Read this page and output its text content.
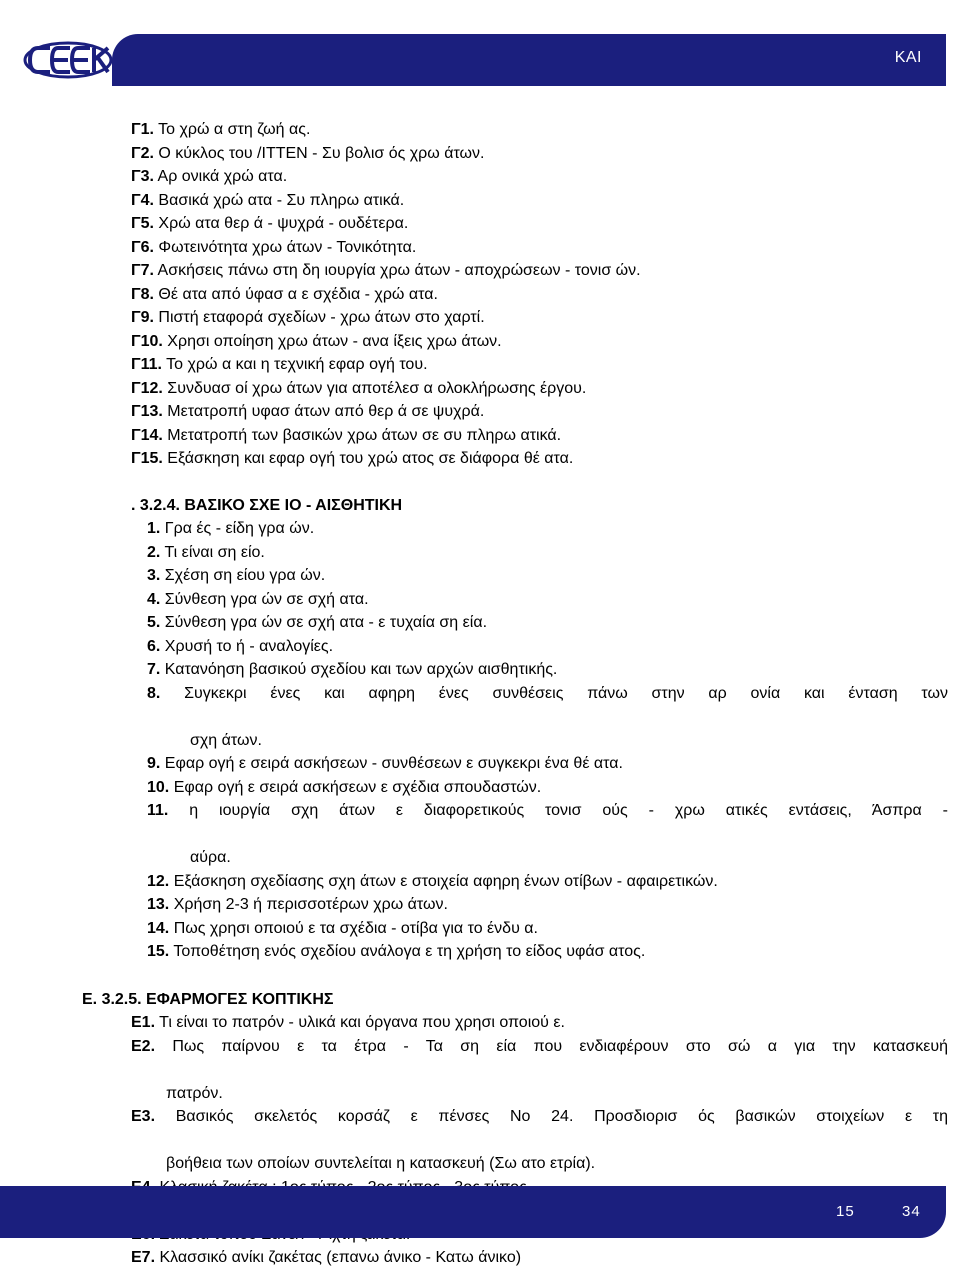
ΚΑΙ
Γ1. Το χρώ α στη ζωή ας.
Γ2. Ο κύκλος του /ΙΤΤΕΝ - Συ βολισ ός χρω άτων.
Γ3. Αρ ονικά χρώ ατα.
Γ4. Βασικά χρώ ατα - Συ πληρω ατικά.
Γ5. Χρώ ατα θερ ά - ψυχρά - ουδέτερα.
Γ6. Φωτεινότητα χρω άτων - Τονικότητα.
Γ7. Ασκήσεις πάνω στη δη ιουργία χρω άτων - αποχρώσεων - τονισ ών.
Γ8. Θέ ατα από ύφασ α ε σχέδια - χρώ ατα.
Γ9. Πιστή εταφορά σχεδίων - χρω άτων στο χαρτί.
Γ10. Χρησι οποίηση χρω άτων - ανα ίξεις χρω άτων.
Γ11. Το χρώ α και η τεχνική εφαρ ογή του.
Γ12. Συνδυασ οί χρω άτων για αποτέλεσ α ολοκλήρωσης έργου.
Γ13. Μετατροπή υφασ άτων από θερ ά σε ψυχρά.
Γ14. Μετατροπή των βασικών χρω άτων σε συ πληρω ατικά.
Γ15. Εξάσκηση και εφαρ ογή του χρώ ατος σε διάφορα θέ ατα.
. 3.2.4. ΒΑΣΙΚΟ ΣΧΕ ΙΟ - ΑΙΣΘΗΤΙΚΗ
1. Γρα ές - είδη γρα ών.
2. Τι είναι ση είο.
3. Σχέση ση είου γρα ών.
4. Σύνθεση γρα ών σε σχή ατα.
5. Σύνθεση γρα ών σε σχή ατα - ε τυχαία ση εία.
6. Χρυσή το ή - αναλογίες.
7. Κατανόηση βασικού σχεδίου και των αρχών αισθητικής.
8. Συγκεκρι ένες και αφηρη ένες συνθέσεις πάνω στην αρ ονία και ένταση των
σχη άτων.
9. Εφαρ ογή ε σειρά ασκήσεων - συνθέσεων ε συγκεκρι ένα θέ ατα.
10. Εφαρ ογή ε σειρά ασκήσεων ε σχέδια σπουδαστών.
11. η ιουργία σχη άτων ε διαφορετικούς τονισ ούς - χρω ατικές εντάσεις, Άσπρα -
αύρα.
12. Εξάσκηση σχεδίασης σχη άτων ε στοιχεία αφηρη ένων οτίβων - αφαιρετικών.
13. Χρήση 2-3 ή περισσοτέρων χρω άτων.
14. Πως χρησι οποιού ε τα σχέδια - οτίβα για το ένδυ α.
15. Τοποθέτηση ενός σχεδίου ανάλογα ε τη χρήση το είδος υφάσ ατος.
Ε. 3.2.5. ΕΦΑΡΜΟΓΕΣ ΚΟΠΤΙΚΗΣ
Ε1. Τι είναι το πατρόν - υλικά και όργανα που χρησι οποιού ε.
Ε2. Πως παίρνου ε τα έτρα - Τα ση εία που ενδιαφέρουν στο σώ α για την κατασκευή
πατρόν.
Ε3. Βασικός σκελετός κορσάζ ε πένσες Νο 24. Προσδιορισ ός βασικών στοιχείων ε τη
βοήθεια των οποίων συντελείται η κατασκευή (Σω ατο ετρία).
Ε7. Κλασσικό ανίκι ζακέτας (επανω άνικο - Κατω άνικο)
15	34
